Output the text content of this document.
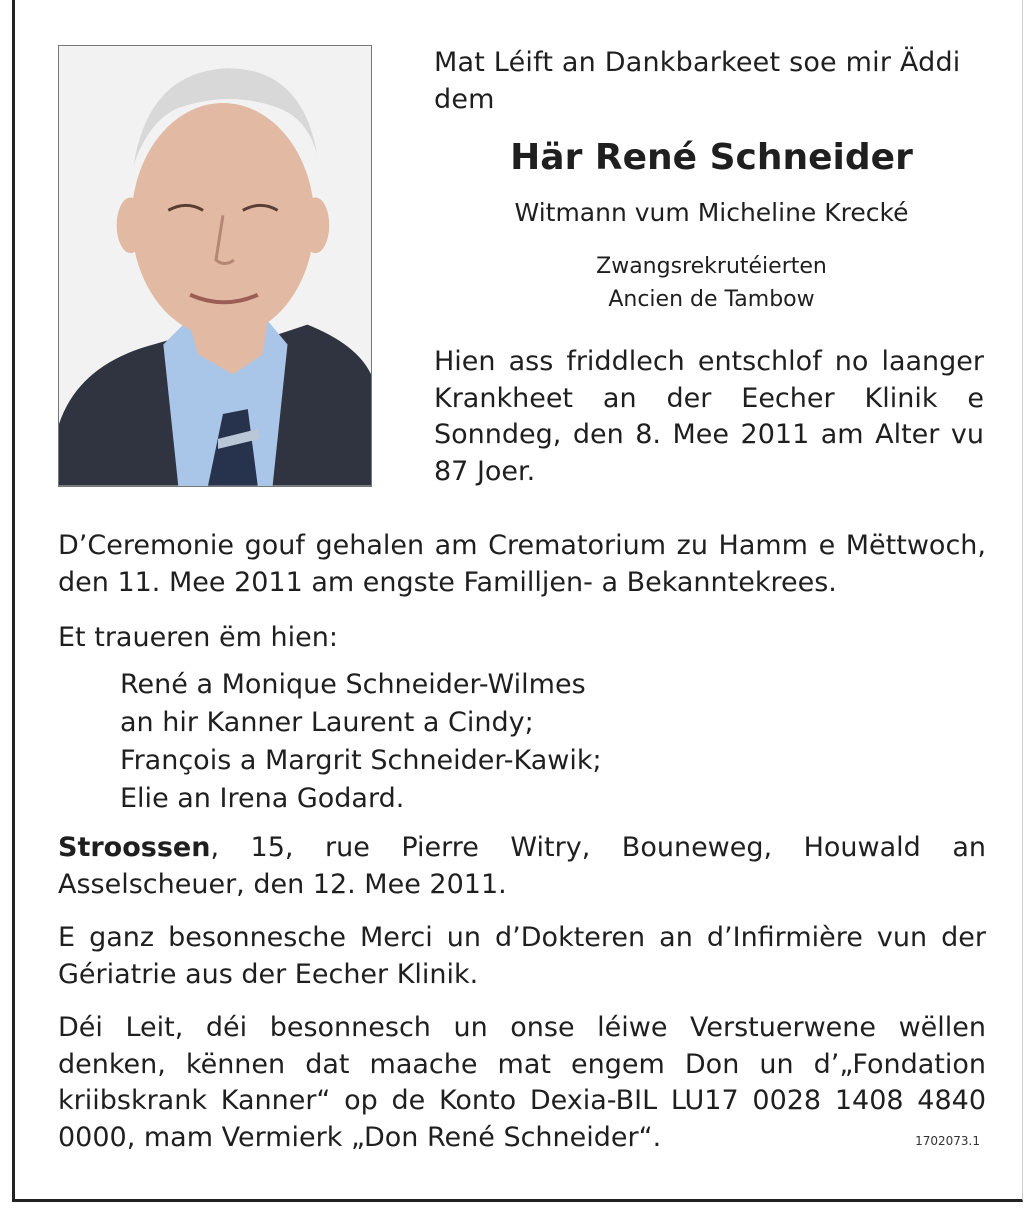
Mat Léift an Dankbarkeet soe mir Äddi dem
Här René Schneider
Witmann vum Micheline Krecké
Zwangsrekrutéierten
Ancien de Tambow
Hien ass friddlech entschlof no laanger Krankheet an der Eecher Klinik e Sonndeg, den 8. Mee 2011 am Alter vu 87 Joer.
D’Ceremonie gouf gehalen am Crematorium zu Hamm e Mëttwoch, den 11. Mee 2011 am engste Familljen- a Bekanntekrees.
Et traueren ëm hien:
René a Monique Schneider-Wilmes
an hir Kanner Laurent a Cindy;
François a Margrit Schneider-Kawik;
Elie an Irena Godard.
Stroossen, 15, rue Pierre Witry, Bouneweg, Houwald an Asselscheuer, den 12. Mee 2011.
E ganz besonnesche Merci un d’Dokteren an d’Infirmière vun der Gériatrie aus der Eecher Klinik.
Déi Leit, déi besonnesch un onse léiwe Verstuerwene wëllen denken, kënnen dat maache mat engem Don un d’„Fondation kriibskrank Kanner“ op de Konto Dexia-BIL LU17 0028 1408 4840 0000, mam Vermierk „Don René Schneider“.	1702073.1
